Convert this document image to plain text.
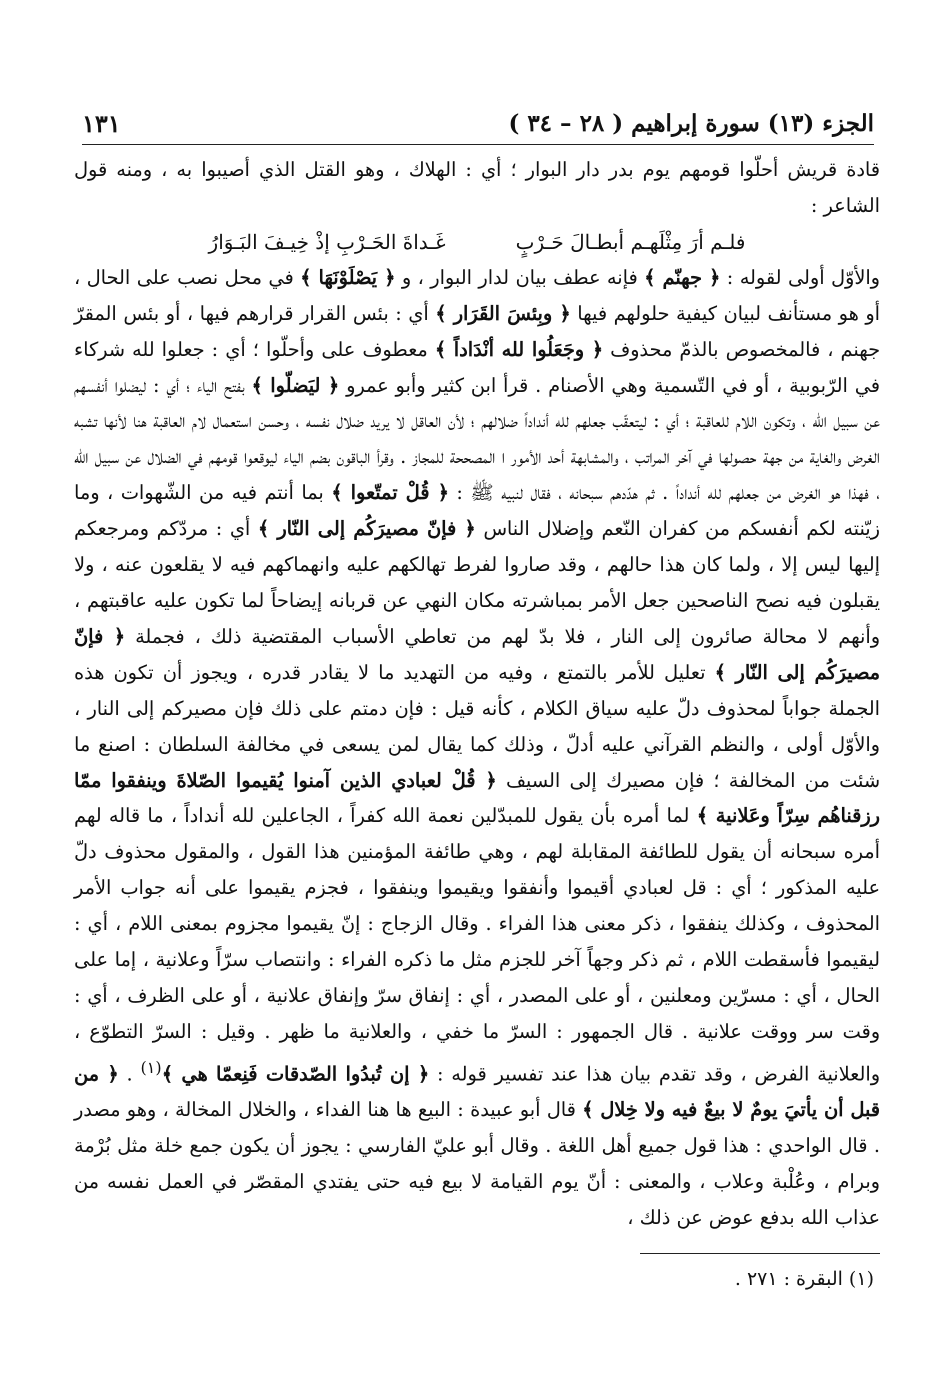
الجزء (١٣) سورة إبراهيم ( ٢٨ – ٣٤ )
١٣١

قادة قريش أحلّوا قومهم يوم بدر دار البوار ؛ أي : الهلاك ، وهو القتل الذي أصيبوا به ، ومنه قول الشاعر :

فلـم أرَ مِثْلَهـم أبطـالَ حَـرْبٍ
غَـداةَ الحَـرْبِ إذْ خِيـفَ البَـوَارُ

والأوّل أولى لقوله : ﴿ جهنّم ﴾ فإنه عطف بيان لدار البوار ، و ﴿ يَصْلَوْنَهَا ﴾ في محل نصب على الحال ، أو هو مستأنف لبيان كيفية حلولهم فيها ﴿ وبِئسَ القَرَار ﴾ أي : بئس القرار قرارهم فيها ، أو بئس المقرّ جهنم ، فالمخصوص بالذمّ محذوف ﴿ وجَعَلُوا لله أنْدَاداً ﴾ معطوف على وأحلّوا ؛ أي : جعلوا لله شركاء في الرّبوبية ، أو في التّسمية وهي الأصنام . قرأ ابن كثير وأبو عمرو ﴿ ليَضلّوا ﴾ بفتح الياء ؛ أي : ليضلوا أنفسهم عن سبيل الله ، وتكون اللام للعاقبة ؛ أي : ليتعقّب جعلهم لله أنداداً ضلالهم ؛ لأن العاقل لا يريد ضلال نفسه ، وحسن استعمال لام العاقبة هنا لأنها تشبه الغرض والغاية من جهة حصولها في آخر المراتب ، والمشابهة أحد الأمور ا المصححة للمجاز . وقرأ الباقون بضم الياء ليوقعوا قومهم في الضلال عن سبيل الله ، فهذا هو الغرض من جعلهم لله أنداداً . ثم هدّدهم سبحانه ، فقال لنبيه ﷺ : ﴿ قُلْ تمتّعوا ﴾ بما أنتم فيه من الشّهوات ، وما زيّنته لكم أنفسكم من كفران النّعم وإضلال الناس ﴿ فإنّ مصيرَكُم إلى النّار ﴾ أي : مردّكم ومرجعكم إليها ليس إلا ، ولما كان هذا حالهم ، وقد صاروا لفرط تهالكهم عليه وانهماكهم فيه لا يقلعون عنه ، ولا يقبلون فيه نصح الناصحين جعل الأمر بمباشرته مكان النهي عن قربانه إيضاحاً لما تكون عليه عاقبتهم ، وأنهم لا محالة صائرون إلى النار ، فلا بدّ لهم من تعاطي الأسباب المقتضية ذلك ، فجملة ﴿ فإنّ مصيرَكُم إلى النّار ﴾ تعليل للأمر بالتمتع ، وفيه من التهديد ما لا يقادر قدره ، ويجوز أن تكون هذه الجملة جواباً لمحذوف دلّ عليه سياق الكلام ، كأنه قيل : فإن دمتم على ذلك فإن مصيركم إلى النار ، والأوّل أولى ، والنظم القرآني عليه أدلّ ، وذلك كما يقال لمن يسعى في مخالفة السلطان : اصنع ما شئت من المخالفة ؛ فإن مصيرك إلى السيف ﴿ قُلْ لعبادي الذين آمنوا يُقيموا الصّلاةَ وينفقوا ممّا رزقناهُم سِرّاً وعَلانية ﴾ لما أمره بأن يقول للمبدّلين نعمة الله كفراً ، الجاعلين لله أنداداً ، ما قاله لهم أمره سبحانه أن يقول للطائفة المقابلة لهم ، وهي طائفة المؤمنين هذا القول ، والمقول محذوف دلّ عليه المذكور ؛ أي : قل لعبادي أقيموا وأنفقوا ويقيموا وينفقوا ، فجزم يقيموا على أنه جواب الأمر المحذوف ، وكذلك ينفقوا ، ذكر معنى هذا الفراء . وقال الزجاج : إنّ يقيموا مجزوم بمعنى اللام ، أي : ليقيموا فأسقطت اللام ، ثم ذكر وجهاً آخر للجزم مثل ما ذكره الفراء : وانتصاب سرّاً وعلانية ، إما على الحال ، أي : مسرّين ومعلنين ، أو على المصدر ، أي : إنفاق سرّ وإنفاق علانية ، أو على الظرف ، أي : وقت سر ووقت علانية . قال الجمهور : السرّ ما خفي ، والعلانية ما ظهر . وقيل : السرّ التطوّع ، والعلانية الفرض ، وقد تقدم بيان هذا عند تفسير قوله : ﴿ إن تُبدُوا الصّدقات فَنِعمّا هي ﴾$^{(١)}$ . ﴿ من قبل أن يأتيَ يومٌ لا بيعٌ فيه ولا خِلال ﴾ قال أبو عبيدة : البيع ها هنا الفداء ، والخلال المخالة ، وهو مصدر . قال الواحدي : هذا قول جميع أهل اللغة . وقال أبو عليّ الفارسي : يجوز أن يكون جمع خلة مثل بُرْمة وبرام ، وعُلْبة وعلاب ، والمعنى : أنّ يوم القيامة لا بيع فيه حتى يفتدي المقصّر في العمل نفسه من عذاب الله بدفع عوض عن ذلك ،

(١) البقرة : ٢٧١ .
